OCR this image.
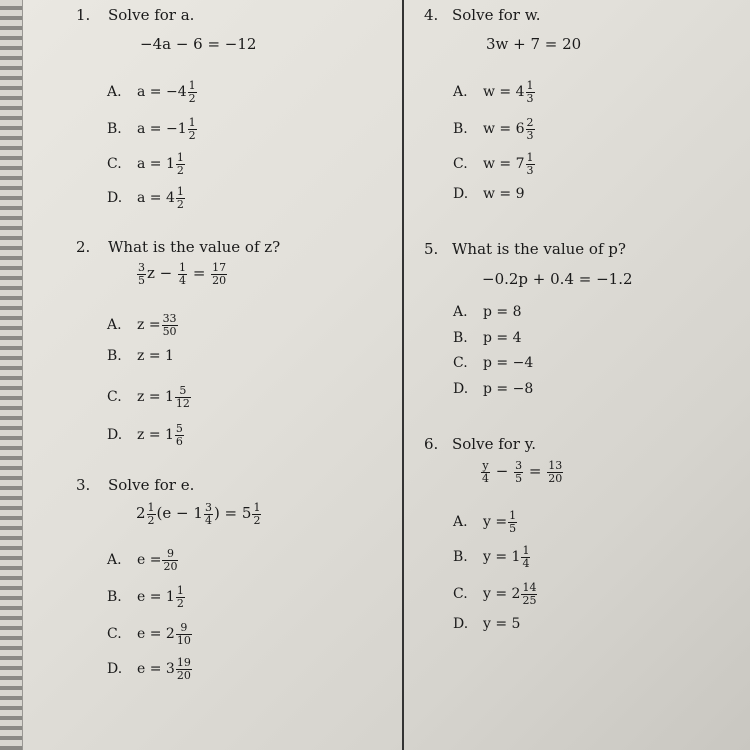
1. Solve for a.
−4a − 6 = −12
A. $a = -4 \frac{1}{2}$
B. $a = -1 \frac{1}{2}$
C. $a = 1 \frac{1}{2}$
D. $a = 4 \frac{1}{2}$
2. What is the value of z?
$\frac{3}{5}$ $z - \frac{1}{4} = \frac{17}{20}$
A. $z = \frac{33}{50}$
B. z = 1
C. $z = 1 \frac{5}{12}$
D. $z = 1 \frac{5}{6}$
3. Solve for e.
$2 \frac{1}{2} (e - 1 \frac{3}{4}$ ) = $5 \frac{1}{2}$
A. $e = \frac{9}{20}$
B. $e = 1 \frac{1}{2}$
C. $e = 2 \frac{9}{10}$
D. $e = 3 \frac{19}{20}$
4. Solve for w.
3w + 7 = 20
A. $w = 4 \frac{1}{3}$
B. $w = 6 \frac{2}{3}$
C. $w = 7 \frac{1}{3}$
D. w = 9
5. What is the value of p?
−0.2p + 0.4 = −1.2
A. p = 8
B. p = 4
C. p = −4
D. p = −8
6. Solve for y.
$\frac{y}{4} - \frac{3}{5} = \frac{13}{20}$
A. $y = \frac{1}{5}$
B. $y = 1 \frac{1}{4}$
C. $y = 2 \frac{14}{25}$
D. y = 5
